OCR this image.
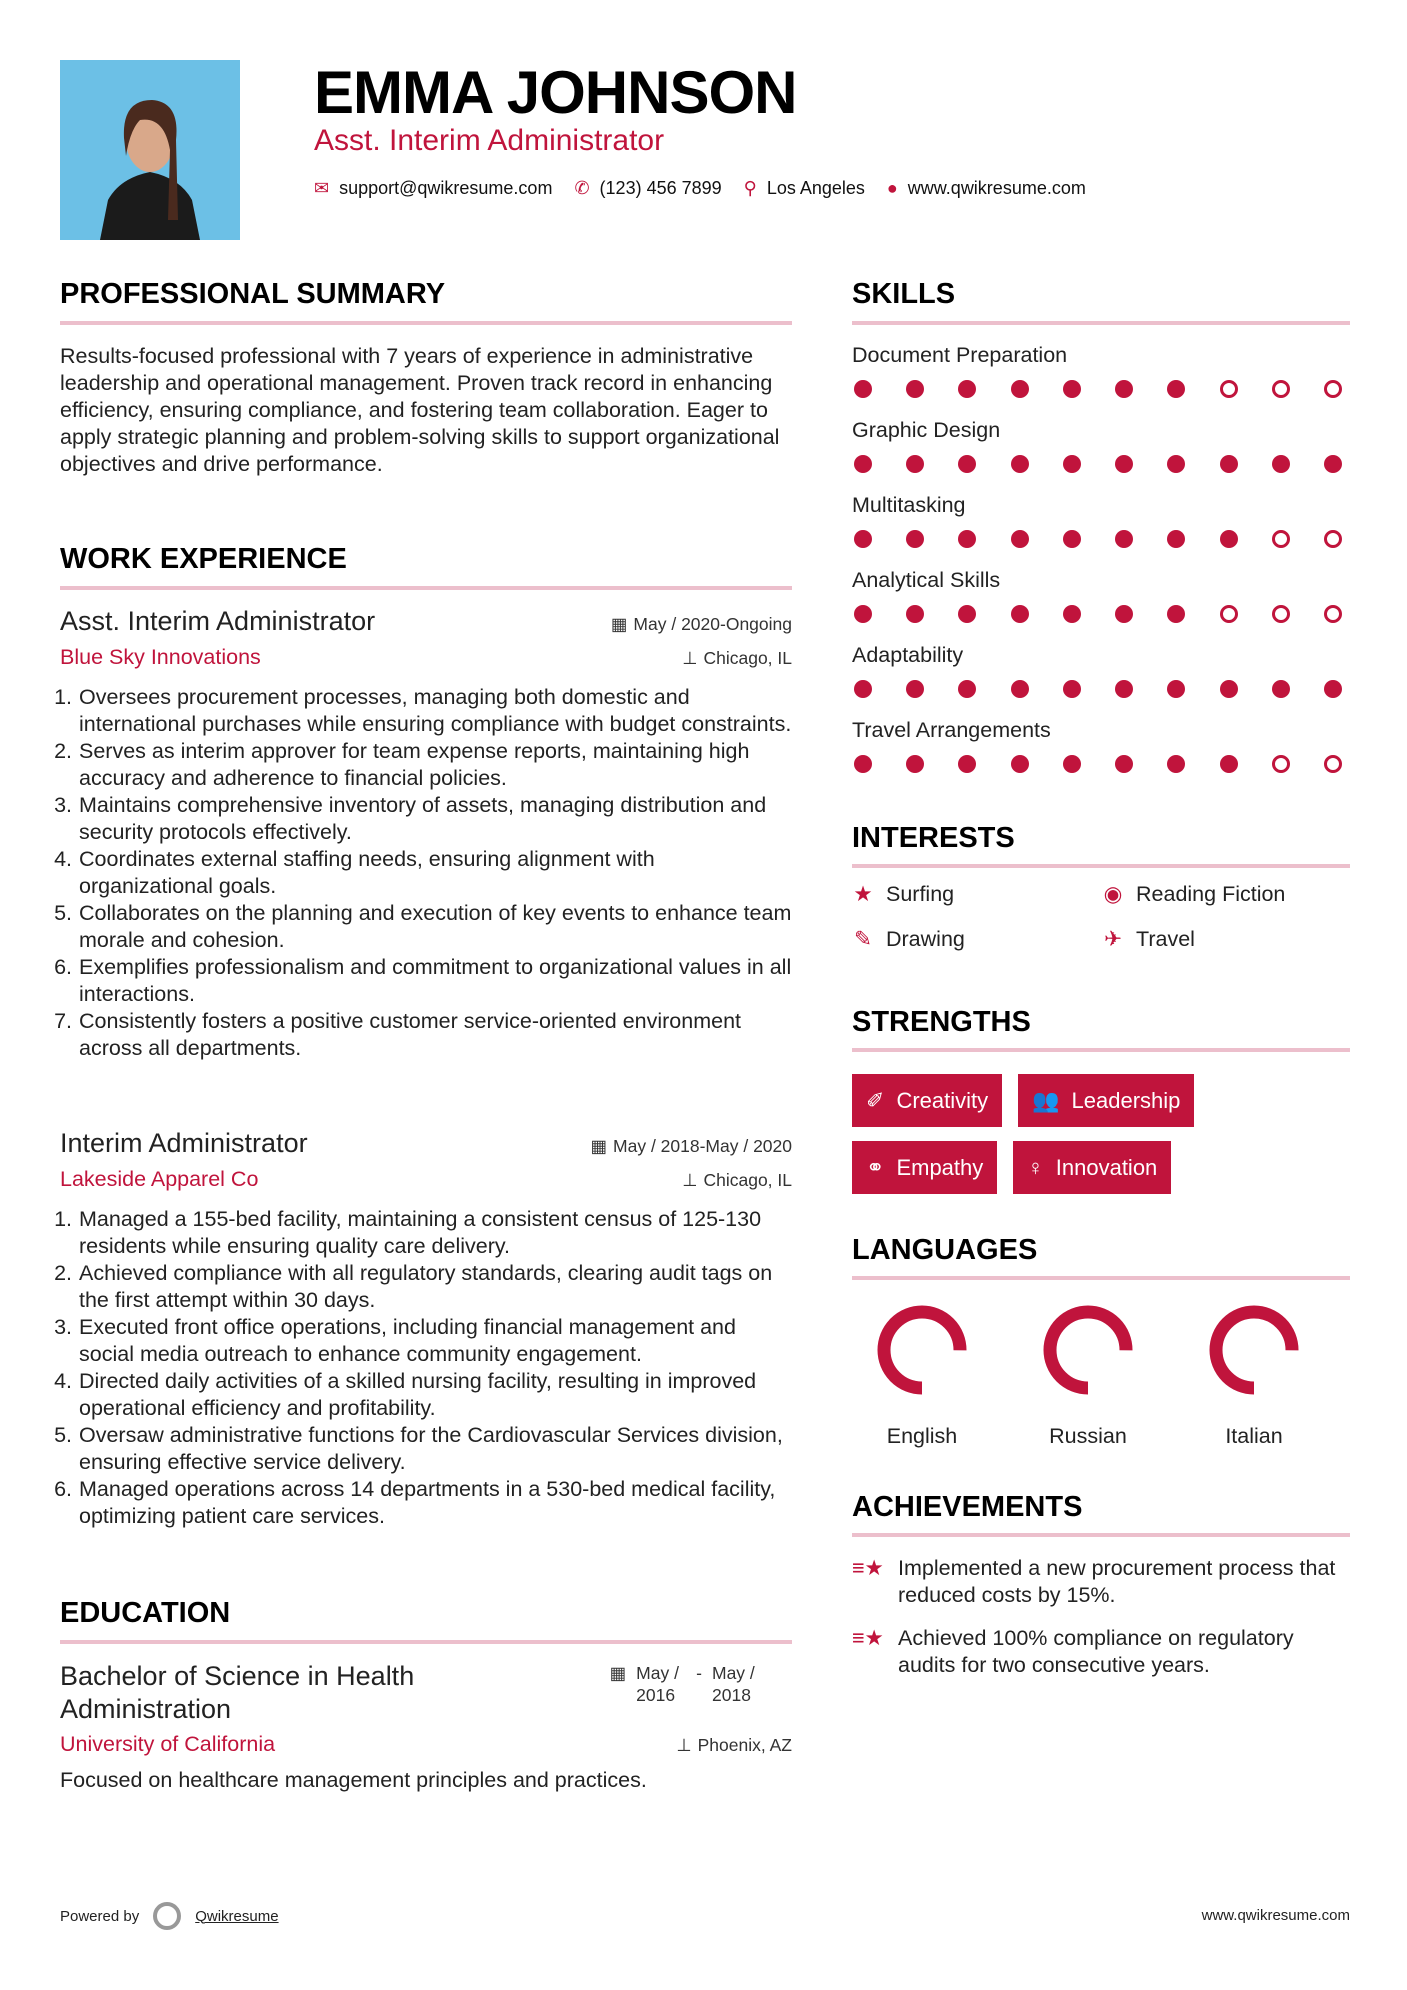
EMMA JOHNSON
Asst. Interim Administrator
✉ support@qwikresume.com ✆ (123) 456 7899 ⚲ Los Angeles ● www.qwikresume.com
PROFESSIONAL SUMMARY
Results-focused professional with 7 years of experience in administrative leadership and operational management. Proven track record in enhancing efficiency, ensuring compliance, and fostering team collaboration. Eager to apply strategic planning and problem-solving skills to support organizational objectives and drive performance.
WORK EXPERIENCE
Asst. Interim Administrator	▦ May / 2020-Ongoing
Blue Sky Innovations	⊥ Chicago, IL
1. Oversees procurement processes, managing both domestic and international purchases while ensuring compliance with budget constraints.
2. Serves as interim approver for team expense reports, maintaining high accuracy and adherence to financial policies.
3. Maintains comprehensive inventory of assets, managing distribution and security protocols effectively.
4. Coordinates external staffing needs, ensuring alignment with organizational goals.
5. Collaborates on the planning and execution of key events to enhance team morale and cohesion.
6. Exemplifies professionalism and commitment to organizational values in all interactions.
7. Consistently fosters a positive customer service-oriented environment across all departments.
Interim Administrator	▦ May / 2018-May / 2020
Lakeside Apparel Co	⊥ Chicago, IL
1. Managed a 155-bed facility, maintaining a consistent census of 125-130 residents while ensuring quality care delivery.
2. Achieved compliance with all regulatory standards, clearing audit tags on the first attempt within 30 days.
3. Executed front office operations, including financial management and social media outreach to enhance community engagement.
4. Directed daily activities of a skilled nursing facility, resulting in improved operational efficiency and profitability.
5. Oversaw administrative functions for the Cardiovascular Services division, ensuring effective service delivery.
6. Managed operations across 14 departments in a 530-bed medical facility, optimizing patient care services.
EDUCATION
Bachelor of Science in Health Administration
▦ May / 2016
- May / 2018
University of California	⊥ Phoenix, AZ
Focused on healthcare management principles and practices.
SKILLS
Document Preparation
Graphic Design
Multitasking
Analytical Skills
Adaptability
Travel Arrangements
INTERESTS
★ Surfing	◉ Reading Fiction
✎ Drawing	✈ Travel
STRENGTHS
✐ Creativity 👥 Leadership
⚭ Empathy ♀ Innovation
LANGUAGES
English	Russian	Italian
ACHIEVEMENTS
≡★ Implemented a new procurement process that reduced costs by 15%.
≡★ Achieved 100% compliance on regulatory audits for two consecutive years.
Powered by	Qwikresume	www.qwikresume.com
